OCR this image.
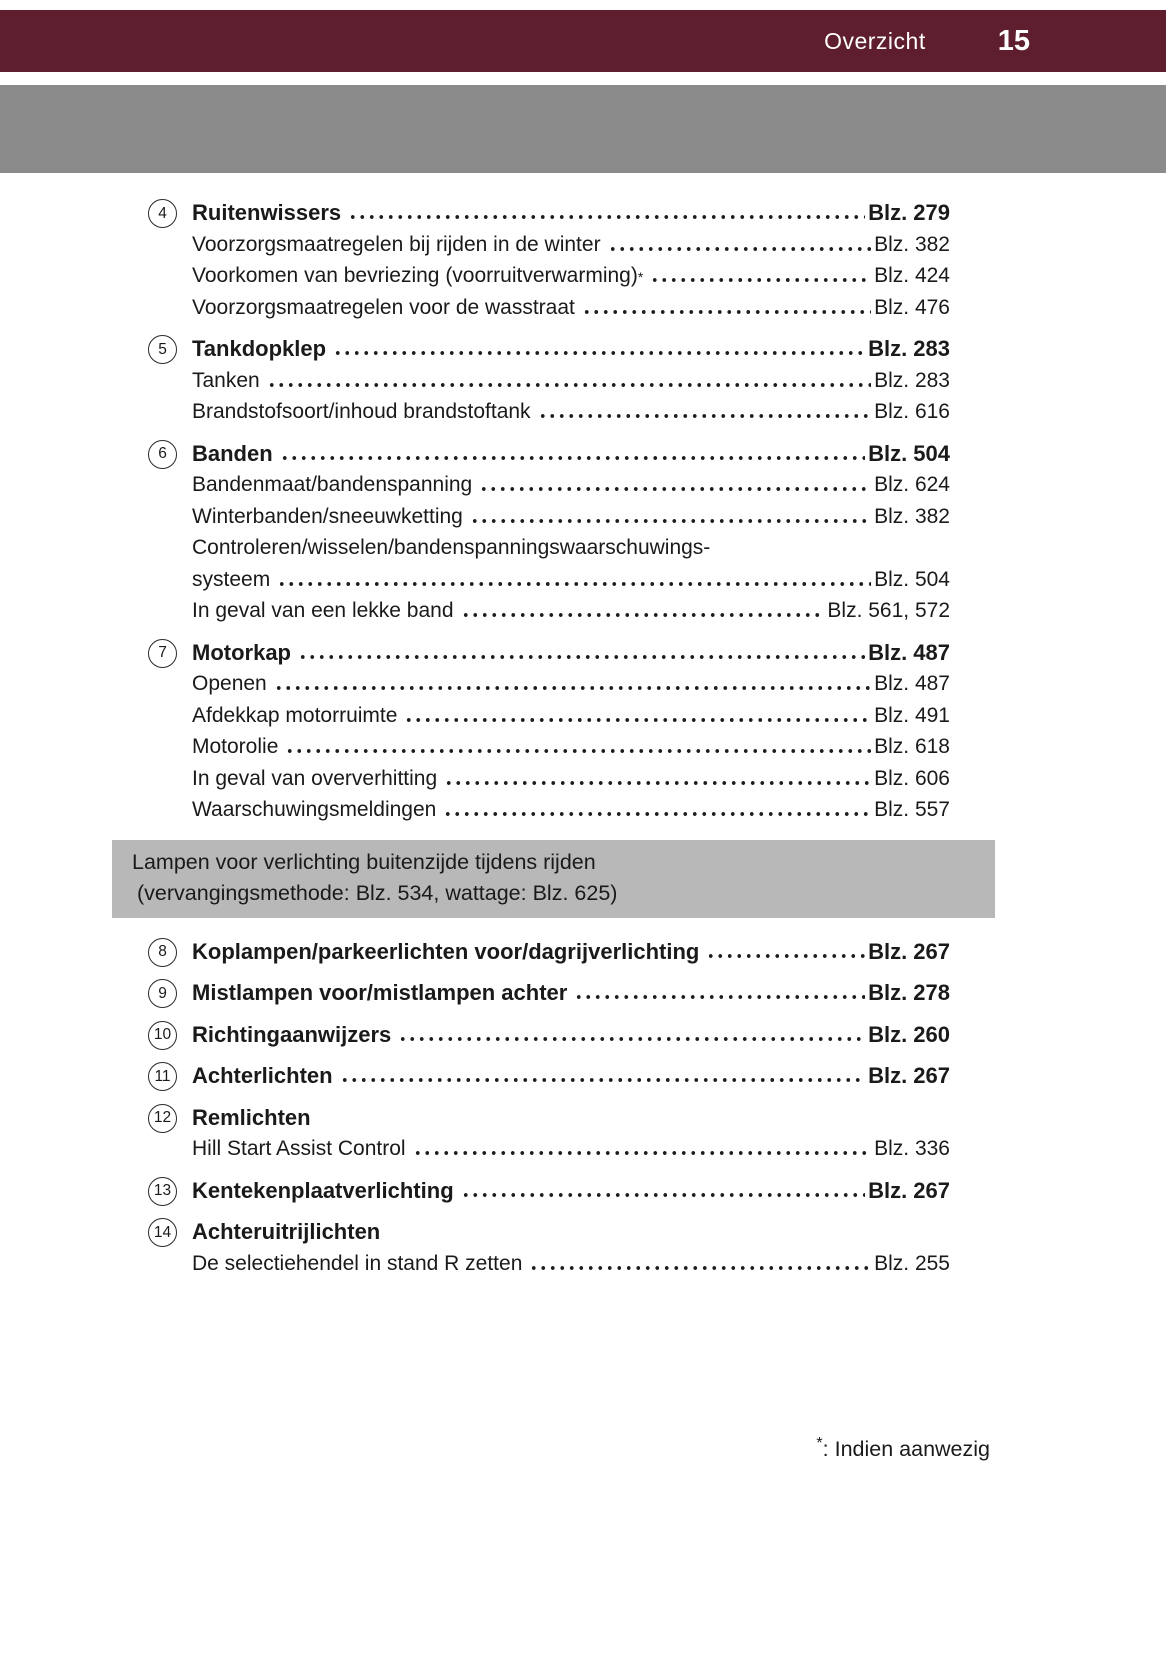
Overzicht 15
4 Ruitenwissers	Blz. 279
Voorzorgsmaatregelen bij rijden in de winter	Blz. 382
Voorkomen van bevriezing (voorruitverwarming) *	Blz. 424
Voorzorgsmaatregelen voor de wasstraat	Blz. 476
5 Tankdopklep	Blz. 283
Tanken	Blz. 283
Brandstofsoort/inhoud brandstoftank	Blz. 616
6 Banden	Blz. 504
Bandenmaat/bandenspanning	Blz. 624
Winterbanden/sneeuwketting	Blz. 382
Controleren/wisselen/bandenspanningswaarschuwings-
systeem	Blz. 504
In geval van een lekke band	Blz. 561, 572
7 Motorkap	Blz. 487
Openen	Blz. 487
Afdekkap motorruimte	Blz. 491
Motorolie	Blz. 618
In geval van oververhitting	Blz. 606
Waarschuwingsmeldingen	Blz. 557
Lampen voor verlichting buitenzijde tijdens rijden
(vervangingsmethode: Blz. 534, wattage: Blz. 625)
8 Koplampen/parkeerlichten voor/dagrijverlichting	Blz. 267
9 Mistlampen voor/mistlampen achter	Blz. 278
10 Richtingaanwijzers	Blz. 260
11 Achterlichten	Blz. 267
12 Remlichten
Hill Start Assist Control	Blz. 336
13 Kentekenplaatverlichting	Blz. 267
14 Achteruitrijlichten
De selectiehendel in stand R zetten	Blz. 255
*: Indien aanwezig
